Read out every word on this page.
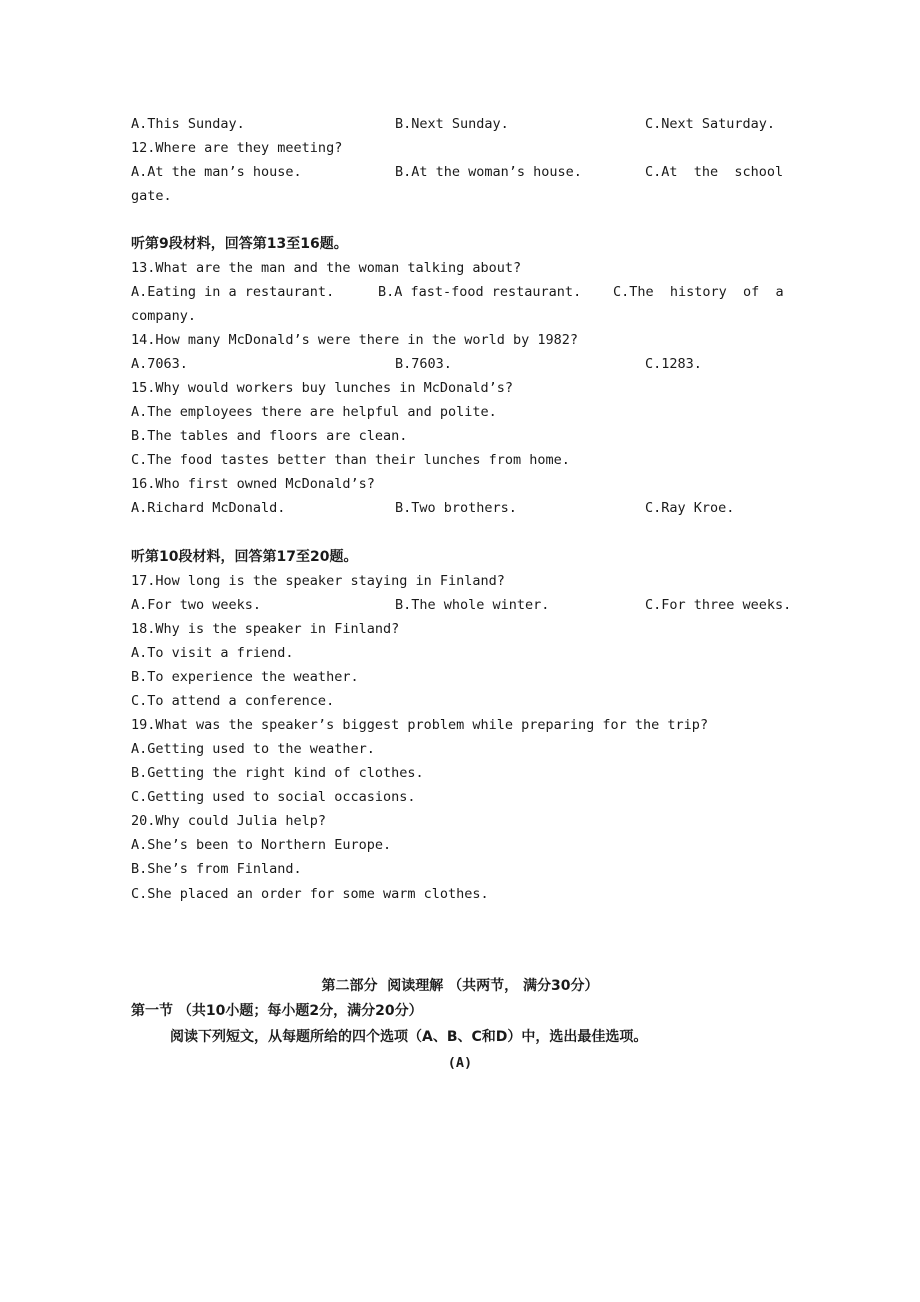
A.This Sunday.	B.Next Sunday.	C.Next Saturday.
12.Where are they meeting?
A.At the man’s house.	B.At the woman’s house.	C.At  the  school
gate.
听第9段材料，回答第13至16题。
13.What are the man and the woman talking about?
A.Eating in a restaurant.	B.A fast-food restaurant. C.The  history  of  a
company.
14.How many McDonald’s were there in the world by 1982?
A.7063.	B.7603.	C.1283.
15.Why would workers buy lunches in McDonald’s?
A.The employees there are helpful and polite.
B.The tables and floors are clean.
C.The food tastes better than their lunches from home.
16.Who first owned McDonald’s?
A.Richard McDonald.	B.Two brothers.	C.Ray Kroe.
听第10段材料，回答第17至20题。
17.How long is the speaker staying in Finland?
A.For two weeks.	B.The whole winter.	C.For three weeks.
18.Why is the speaker in Finland?
A.To visit a friend.
B.To experience the weather.
C.To attend a conference.
19.What was the speaker’s biggest problem while preparing for the trip?
A.Getting used to the weather.
B.Getting the right kind of clothes.
C.Getting used to social occasions.
20.Why could Julia help?
A.She’s been to Northern Europe.
B.She’s from Finland.
C.She placed an order for some warm clothes.
第二部分  阅读理解 （共两节， 满分30分）
第一节 （共10小题；每小题2分，满分20分）
阅读下列短文，从每题所给的四个选项（A、B、C和D）中，选出最佳选项。
(A)
